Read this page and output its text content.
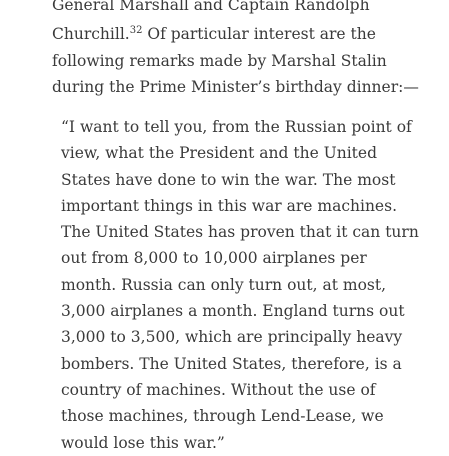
General Marshall and Captain Randolph
Churchill.$^{32}$ Of particular interest are the
following remarks made by Marshal Stalin
during the Prime Minister’s birthday dinner:—

“I want to tell you, from the Russian point of
view, what the President and the United
States have done to win the war. The most
important things in this war are machines.
The United States has proven that it can turn
out from 8,000 to 10,000 airplanes per
month. Russia can only turn out, at most,
3,000 airplanes a month. England turns out
3,000 to 3,500, which are principally heavy
bombers. The United States, therefore, is a
country of machines. Without the use of
those machines, through Lend-Lease, we
would lose this war.”
